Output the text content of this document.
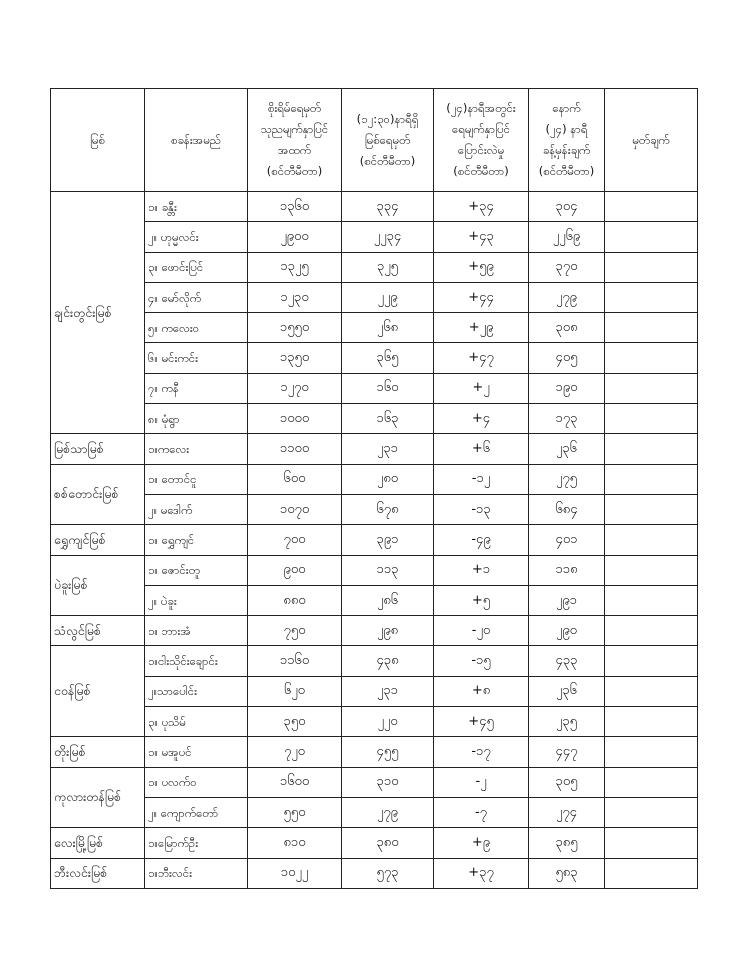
မြစ်	စခန်းအမည်	စိုးရိမ်ရေမှတ်
သုညမျက်နှာပြင်
အထက်
(စင်တီမီတာ)	(၁၂:၃၀)နာရီရှိ
မြစ်ရေမှတ်
(စင်တီမီတာ)	(၂၄)နာရီအတွင်း
ရေမျက်နှာပြင်
ပြောင်းလဲမှု
(စင်တီမီတာ)	နောက်
(၂၄) နာရီ
ခန့်မှန်းချက်
(စင်တီမီတာ)	မှတ်ချက်
ချင်းတွင်းမြစ်	၁။ ခန္တီး	၁၃၆၀	၃၃၄	+၃၄	၃၀၄	
	၂။ ဟုမ္မလင်း	၂၉၀၀	၂၂၃၄	+၄၃	၂၂၆၉	
	၃။ ဖောင်းပြင်	၁၃၂၅	၃၂၅	+၅၉	၃၇၀	
	၄။ မော်လိုက်	၁၂၃၀	၂၂၉	+၄၄	၂၇၉	
	၅။ ကလေးဝ	၁၅၅၀	၂၆၈	+၂၉	၃၀၈	
	၆။ မင်းကင်း	၁၃၅၀	၃၆၅	+၄၇	၄၀၅	
	၇။ ကနီ	၁၂၇၀	၁၆၀	+၂	၁၉၀	
	၈။ မုံရွာ	၁၀၀၀	၁၆၃	+၄	၁၇၃	
မြစ်သာမြစ်	၁။ကလေး	၁၁၀၀	၂၃၁	+၆	၂၃၆	
စစ်တောင်းမြစ်	၁။ တောင်ငူ	၆၀၀	၂၈၀	-၁၂	၂၇၅	
	၂။ မဒေါက်	၁၀၇၀	၆၇၈	-၁၃	၆၈၄	
ရွှေကျင်မြစ်	၁။ ရွှေကျင်	၇၀၀	၃၉၁	-၄၉	၄၀၁	
ပဲခူးမြစ်	၁။ ဇောင်းတူ	၉၀၀	၁၁၃	+၁	၁၁၈	
	၂။ ပဲခူး	၈၈၀	၂၈၆	+၅	၂၉၁	
သံလွင်မြစ်	၁။ ဘားအံ	၇၅၀	၂၉၈	-၂၀	၂၉၀	
ငဝန်မြစ်	၁။ငါးသိုင်းချောင်း	၁၁၆၀	၄၃၈	-၁၅	၄၃၃	
	၂။သာပေါင်း	၆၂၀	၂၃၁	+၈	၂၃၆	
	၃။ ပုသိမ်	၃၅၀	၂၂၀	+၄၅	၂၃၅	
တိုးမြစ်	၁။ မအူပင်	၇၂၀	၄၅၅	-၁၇	၄၄၇	
ကုလားတန်မြစ်	၁။ ပလက်ဝ	၁၆၀၀	၃၁၀	-၂	၃၀၅	
	၂။ ကျောက်တော်	၅၅၀	၂၇၉	-၇	၂၇၄	
လေးမြို့မြစ်	၁။မြောက်ဦး	၈၁၀	၃၈၀	+၉	၃၈၅	
ဘီးလင်းမြစ်	၁။ဘီးလင်း	၁၀၂၂	၅၇၃	+၃၇	၅၈၃	
